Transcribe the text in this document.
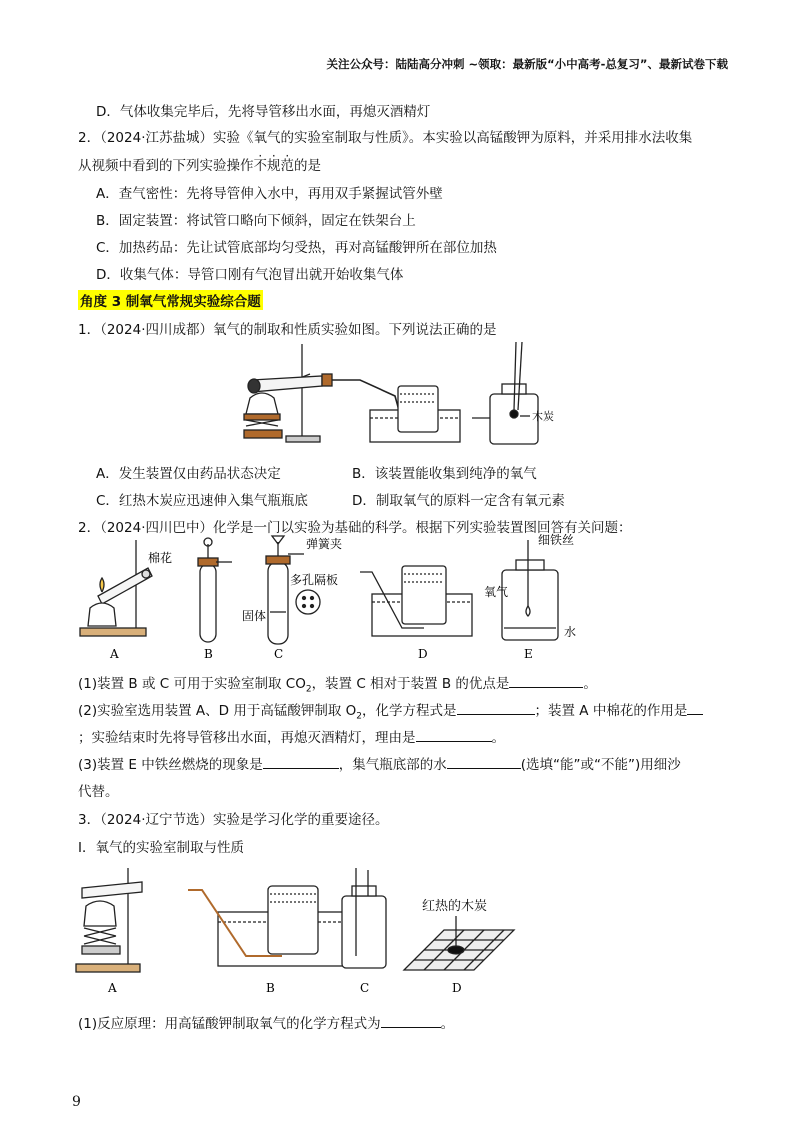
关注公众号：陆陆高分冲刺 ~领取：最新版“小中高考-总复习”、最新试卷下载
D．气体收集完毕后，先将导管移出水面，再熄灭酒精灯
2．（2024·江苏盐城）实验《氧气的实验室制取与性质》。本实验以高锰酸钾为原料，并采用排水法收集
从视频中看到的下列实验操作不规范的是
A．查气密性：先将导管伸入水中，再用双手紧握试管外壁
B．固定装置：将试管口略向下倾斜，固定在铁架台上
C．加热药品：先让试管底部均匀受热，再对高锰酸钾所在部位加热
D．收集气体：导管口刚有气泡冒出就开始收集气体
角度 3 制氧气常规实验综合题
1．（2024·四川成都）氧气的制取和性质实验如图。下列说法正确的是
木炭
A．发生装置仅由药品状态决定	B．该装置能收集到纯净的氧气
C．红热木炭应迅速伸入集气瓶瓶底	D．制取氧气的原料一定含有氧元素
2．（2024·四川巴中）化学是一门以实验为基础的科学。根据下列实验装置图回答有关问题：
棉花
弹簧夹
多孔隔板
固体
细铁丝
氧气
水
A	B	C	D	E
(1)装置 B 或 C 可用于实验室制取 $CO_2$，装置 C 相对于装置 B 的优点是	。
(2)实验室选用装置 A、D 用于高锰酸钾制取 $O_2$，化学方程式是	；装置 A 中棉花的作用是
；实验结束时先将导管移出水面，再熄灭酒精灯，理由是	。
(3)装置 E 中铁丝燃烧的现象是	，集气瓶底部的水	(选填“能”或“不能”)用细沙
代替。
3．（2024·辽宁节选）实验是学习化学的重要途径。
I．氧气的实验室制取与性质
红热的木炭
A	B	C	D
(1)反应原理：用高锰酸钾制取氧气的化学方程式为	。
9
